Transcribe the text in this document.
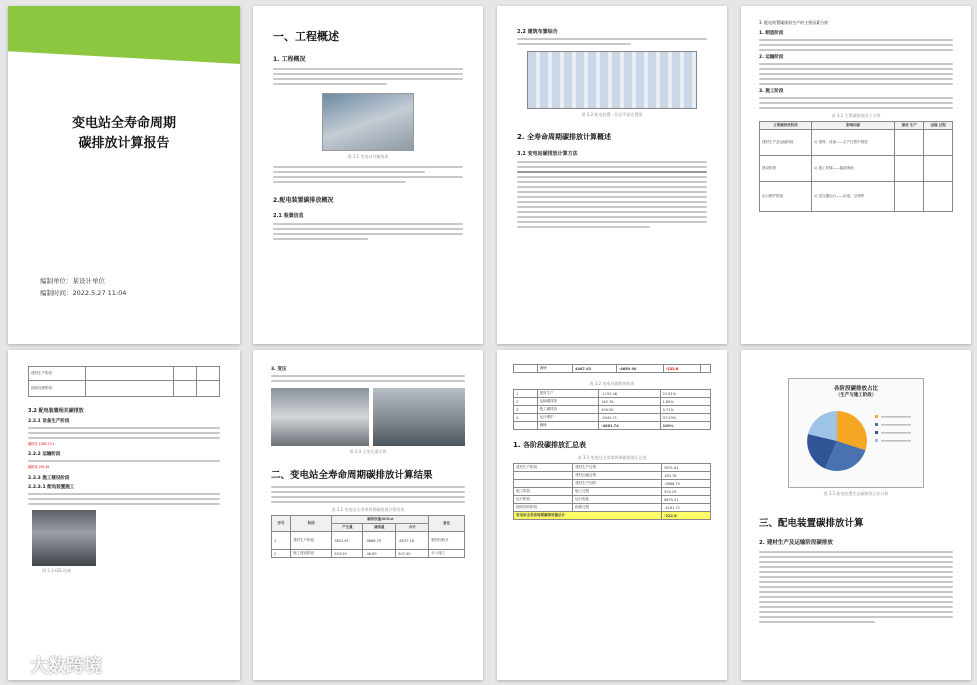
变电站全寿命周期
碳排放计算报告
编制单位：某设计单位
编制时间：2022.5.27 11:04
一、工程概述
1. 工程概况
图 1.1 变电站鸟瞰效果
2.配电装置碳排放概况
2.1 装置信息
2.2 建筑布置综合
图 2.2 配电装置一层总平面布置图
2. 全寿命周期碳排放计算概述
3.1 变电站碳排放计算方法
3. 配电装置碳排放生产的主要因素分析
1. 制造阶段
2. 运输阶段
3. 施工阶段
表 3.1 主要碳排放因子分类
主要碳排放阶段	影响因素	建材 生产	运输 过程
建材生产及运输阶段	1) 建材、设备——生产过程中排放		
建设阶段	1) 施工机械——能源消耗		
运行维护阶段	1) 变压器运行——用电、空调等		
建材生产阶段			
拆除处理阶段			
3.2 配电装置相关碳排放
2.2.1 设备生产阶段
碳排放 1563.23 t
2.2.2 运输阶段
碳排放 291.8t
2.2.3 施工建设阶段
2.2.3.1 配电装置施工
图 2.3 GIS 设备
3. 变压
图 2.4 主变压器实物
二、变电站全寿命周期碳排放计算结果
表 3.1 变电站全寿命周期碳排放计算结果
序号	阶段	碳排放量/tCO₂e			备注
		产生量	减排量	合计	
1	建材生产阶段	3831.61	-9868.79	-6037.18	钢材回收计
2	施工建设阶段	554.29	-46.89	507.40	计入施工
	合计	4467.43	-4689.90	-222.8	
表 3.2 变电站碳排放构成
1	建材生产	-1152.48	21.61%
2	运输碳排放	163.76	1.89%
3	施工碳排放	494.50	5.71%
4	运行维护	-4945.71	37.03%
	合计	-4661.74	100%
1. 各阶段碳排放汇总表
表 3.3 变电站全寿命周期碳排放汇总表
建材生产阶段	建材生产过程	3831.61
	建材运输过程	163.76
	建材生产回收	-9868.79
施工阶段	施工过程	554.29
运行阶段	运行电耗	6875.21
拆除回收阶段	拆除过程	-4161.72
变电站全寿命周期碳排放量总计		-222.8
各阶段碳排放占比
（生产与施工阶段）
图 3.1 配电装置生态碳排放占比分析
三、配电装置碳排放计算
2. 建材生产及运输阶段碳排放
大数跨境
